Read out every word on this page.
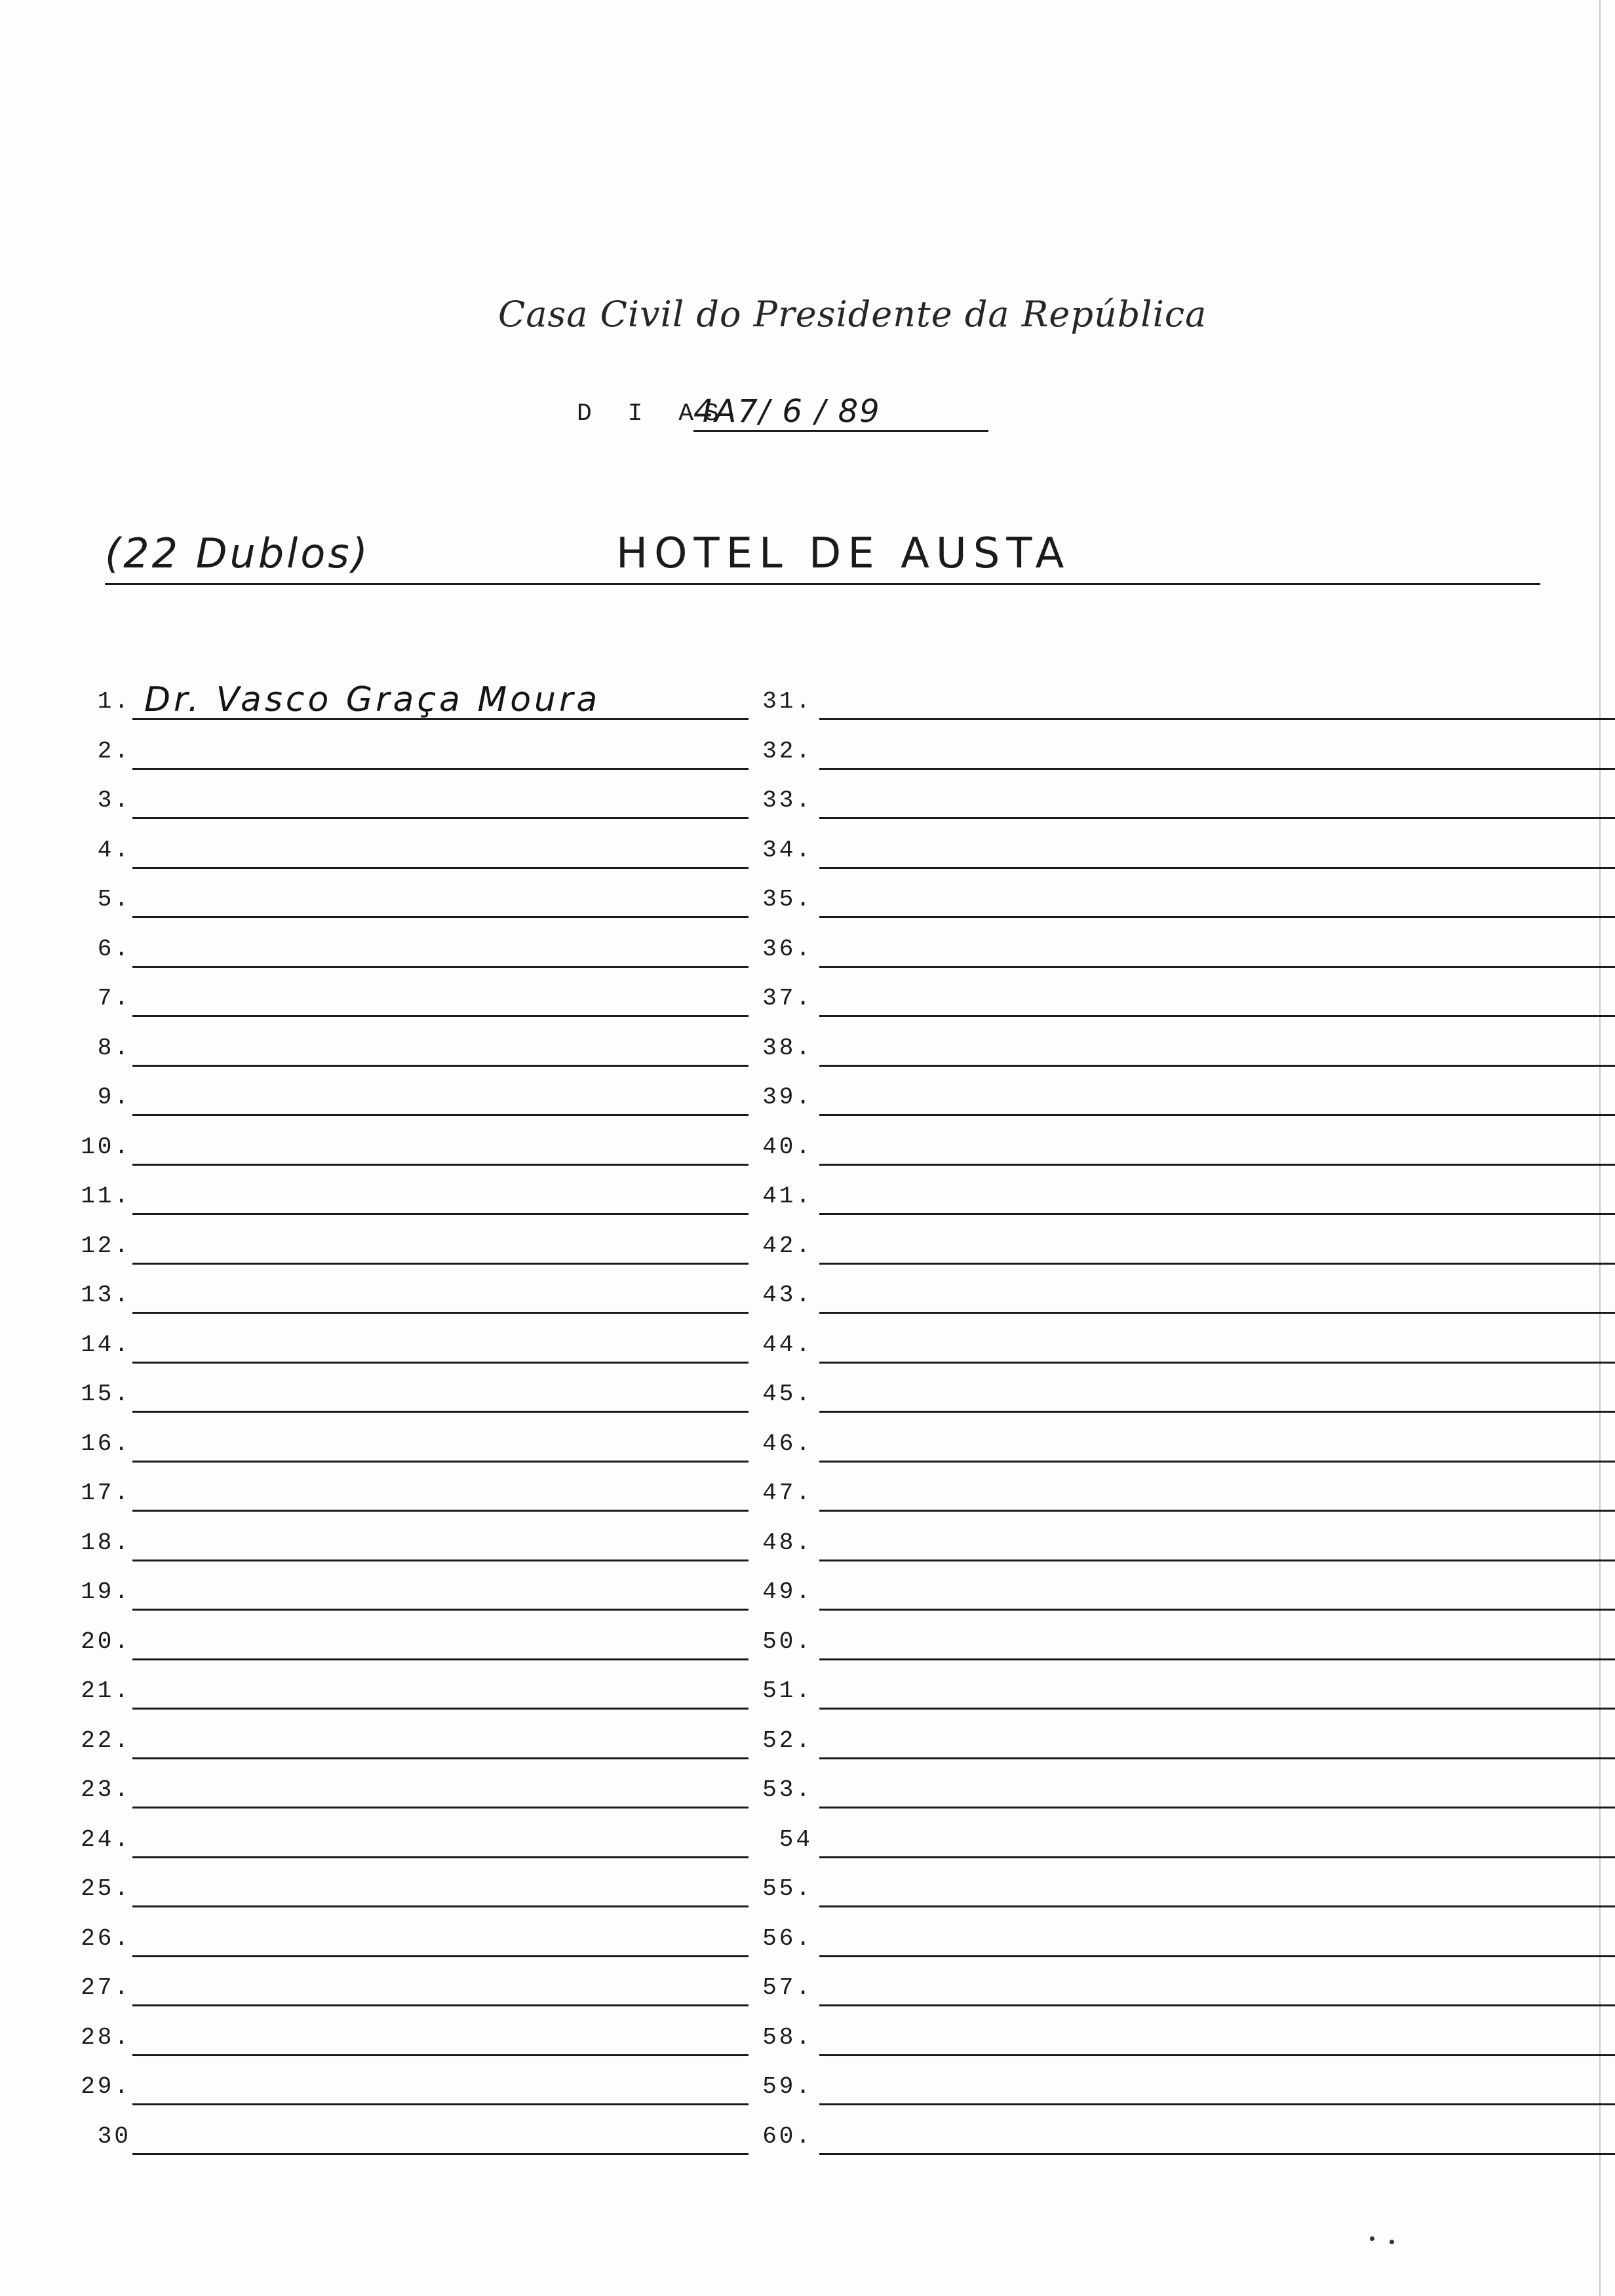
Casa Civil do Presidente da República
D I AS
4A7/ 6 / 89
(22 Dublos)	HOTEL DE AUSTA
1. Dr. Vasco Graça Moura
2.
3.
4.
5.
6.
7.
8.
9.
10.
11.
12.
13.
14.
15.
16.
17.
18.
19.
20.
21.
22.
23.
24.
25.
26.
27.
28.
29.
30
31.
32.
33.
34.
35.
36.
37.
38.
39.
40.
41.
42.
43.
44.
45.
46.
47.
48.
49.
50.
51.
52.
53.
54
55.
56.
57.
58.
59.
60.
